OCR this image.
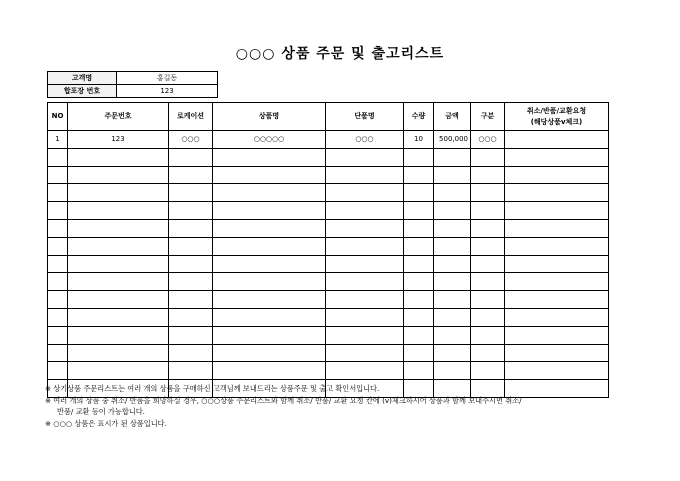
○○○ 상품 주문 및 출고리스트
고객명	홍길동
합포장 번호	123
NO	주문번호	로케이션	상품명	단품명	수량	금액	구분	취소/반품/교환요청
(해당상품v체크)
1	123	○○○	○○○○○	○○○	10	500,000	○○○	

※ 상기상품 주문리스트는 여러 개의 상품을 구매하신 고객님께 보내드리는 상품주문 및 출고 확인서입니다.
※ 여러 개의 상품 중 취소/ 반품을 희망하실 경우, ○○○상품 주문리스트와 함께 취소/ 반품/ 교환 요청 칸에 (v)체크하시어 상품과 함께 보내주시면 취소/
반품/ 교환 등이 가능합니다.
※ ○○○ 상품은 표시가 된 상품입니다.
